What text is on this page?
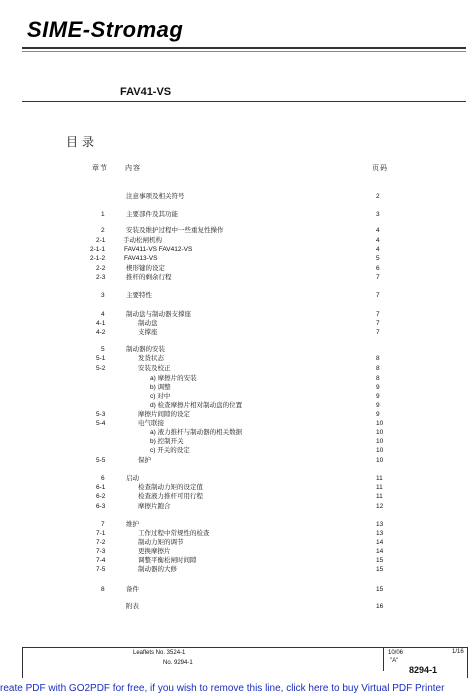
SIME-Stromag
FAV41-VS
目录
章节 内容	页码
注意事项及相关符号	2
1	主要部件及其功能	3
2	安装及维护过程中一些重复性操作	4
2-1	手动松闸机构	4
2-1-1	FAV411-VS FAV412-VS	4
2-1-2	FAV413-VS	5
2-2	楔形键的设定	6
2-3	推杆的剩余行程	7
3	主要特性	7
4	制动盘与制动器支撑座	7
4-1	制动盘	7
4-2	支撑座	7
5	制动器的安装
5-1	发货状态	8
5-2	安装及校正	8
a) 摩擦片的安装	8
b) 调整	9
c) 对中	9
d) 检查摩擦片相对制动盘的位置	9
5-3	摩擦片间隙的设定	9
5-4	电气联接	10
a) 液力推杆与制动器的相关数据	10
b) 控制开关	10
c) 开关的设定	10
5-5	保护	10
6	启动	11
6-1	检查制动力矩的设定值	11
6-2	检查液力推杆可用行程	11
6-3	摩擦片跑合	12
7	维护	13
7-1	工作过程中常规性的检查	13
7-2	制动力矩的调节	14
7-3	更换摩擦片	14
7-4	调整平衡松闸时间隙	15
7-5	制动器的大修	15
8	备件	15
附表	16
Leaflets No. 3524-1
No. 9294-1
10/06
"A"
1/16
8294-1
reate PDF with GO2PDF for free, if you wish to remove this line, click here to buy Virtual PDF Printer
